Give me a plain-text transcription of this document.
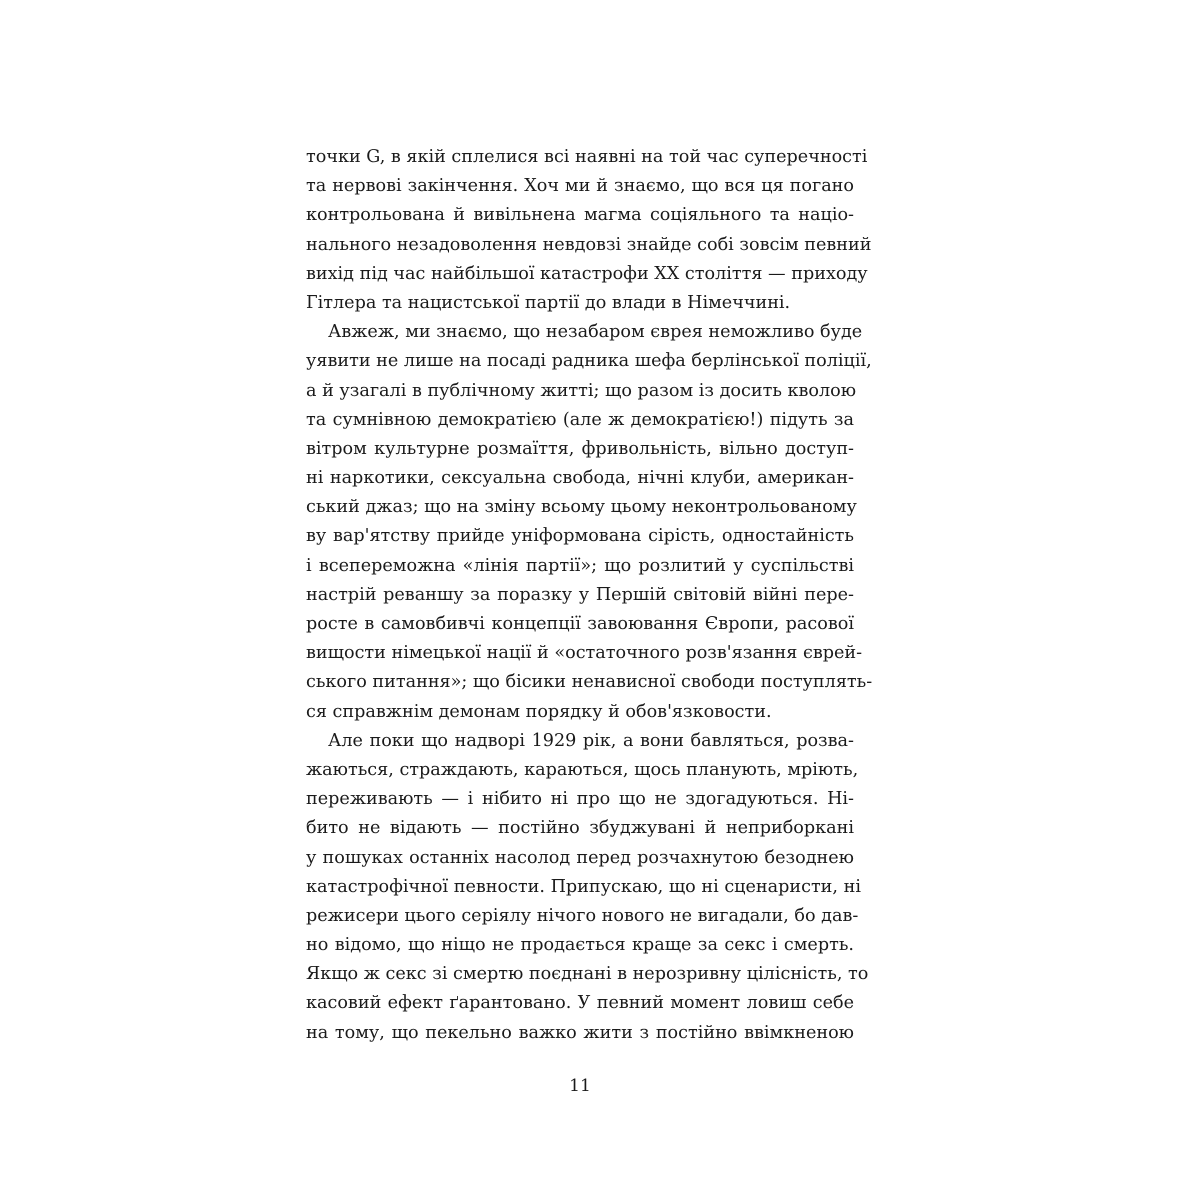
точки G, в якій сплелися всі наявні на той час суперечності
та нервові закінчення. Хоч ми й знаємо, що вся ця погано
контрольована й вивільнена магма соціяльного та націо-
нального незадоволення невдовзі знайде собі зовсім певний
вихід під час найбільшої катастрофи XX століття — приходу
Гітлера та нацистської партії до влади в Німеччині.
Авжеж, ми знаємо, що незабаром єврея неможливо буде
уявити не лише на посаді радника шефа берлінської поліції,
а й узагалі в публічному житті; що разом із досить кволою
та сумнівною демократією (але ж демократією!) підуть за
вітром культурне розмаїття, фривольність, вільно доступ-
ні наркотики, сексуальна свобода, нічні клуби, американ-
ський джаз; що на зміну всьому цьому неконтрольованому
ву вар'ятству прийде уніформована сірість, одностайність
і всепереможна «лінія партії»; що розлитий у суспільстві
настрій реваншу за поразку у Першій світовій війні пере-
росте в самовбивчі концепції завоювання Європи, расової
вищости німецької нації й «остаточного розв'язання єврей-
ського питання»; що бісики ненависної свободи поступлять-
ся справжнім демонам порядку й обов'язковости.
Але поки що надворі 1929 рік, а вони бавляться, розва-
жаються, страждають, караються, щось планують, мріють,
переживають — і нібито ні про що не здогадуються. Ні-
бито не відають — постійно збуджувані й неприборкані
у пошуках останніх насолод перед розчахнутою безоднею
катастрофічної певности. Припускаю, що ні сценаристи, ні
режисери цього серіялу нічого нового не вигадали, бо дав-
но відомо, що ніщо не продається краще за секс і смерть.
Якщо ж секс зі смертю поєднані в нерозривну цілісність, то
касовий ефект ґарантовано. У певний момент ловиш себе
на тому, що пекельно важко жити з постійно ввімкненою
11
